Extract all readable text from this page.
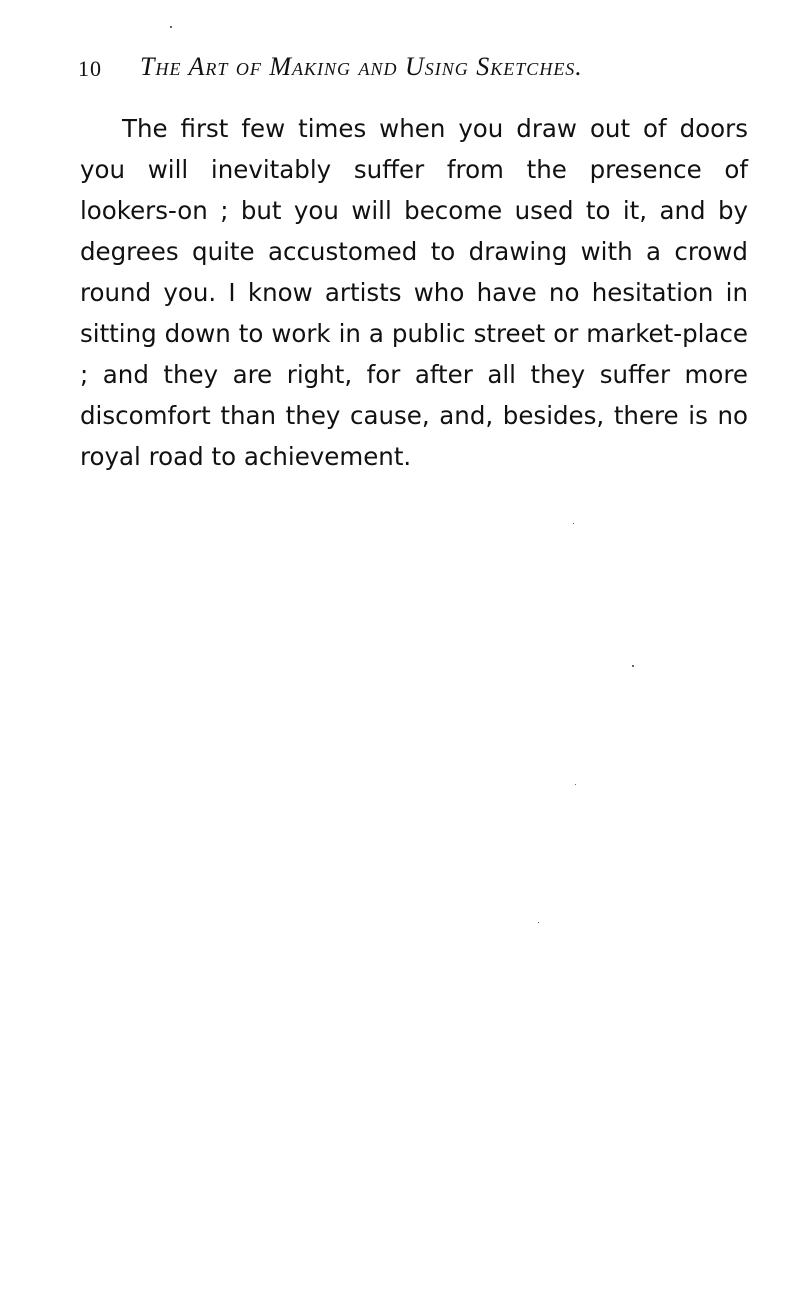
10 The Art of Making and Using Sketches.

The first few times when you draw out of doors you will inevitably suffer from the presence of lookers-on ; but you will become used to it, and by degrees quite accustomed to drawing with a crowd round you. I know artists who have no hesitation in sitting down to work in a public street or market-place ; and they are right, for after all they suffer more discomfort than they cause, and, besides, there is no royal road to achievement.
